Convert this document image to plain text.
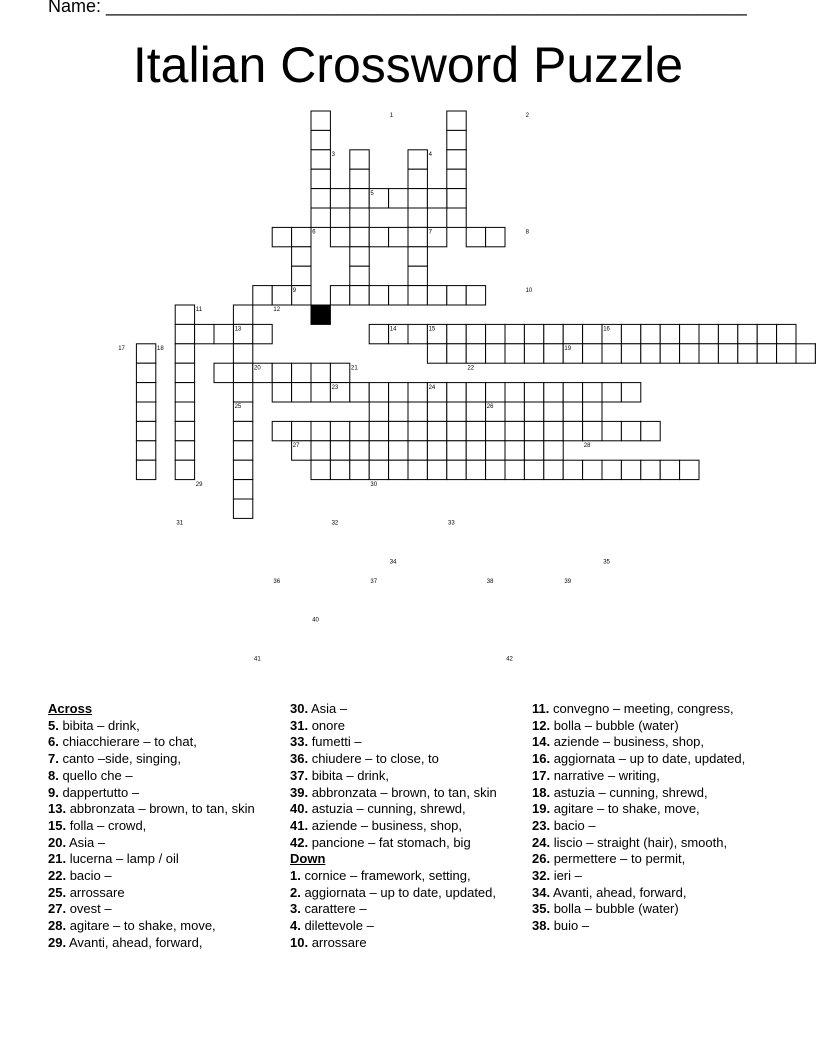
Name: ________________________________________________________________
Italian Crossword Puzzle
1	2
3	4
5
6	7	8
9	10
11	12
13	14	15	16
17	18	19
20	21	22
23	24
25	26
27	28
29	30
31	32	33
34	35
36	37	38	39
40
41	42
Across
5. bibita – drink,
6. chiacchierare – to chat,
7. canto –side, singing,
8. quello che –
9. dappertutto –
13. abbronzata – brown, to tan, skin
15. folla – crowd,
20. Asia –
21. lucerna – lamp / oil
22. bacio –
25. arrossare
27. ovest –
28. agitare – to shake, move,
29. Avanti, ahead, forward,
30. Asia –
31. onore
33. fumetti –
36. chiudere – to close, to
37. bibita – drink,
39. abbronzata – brown, to tan, skin
40. astuzia – cunning, shrewd,
41. aziende – business, shop,
42. pancione – fat stomach, big
Down
1. cornice – framework, setting,
2. aggiornata – up to date, updated,
3. carattere –
4. dilettevole –
10. arrossare
11. convegno – meeting, congress,
12. bolla – bubble (water)
14. aziende – business, shop,
16. aggiornata – up to date, updated,
17. narrative – writing,
18. astuzia – cunning, shrewd,
19. agitare – to shake, move,
23. bacio –
24. liscio – straight (hair), smooth,
26. permettere – to permit,
32. ieri –
34. Avanti, ahead, forward,
35. bolla – bubble (water)
38. buio –
